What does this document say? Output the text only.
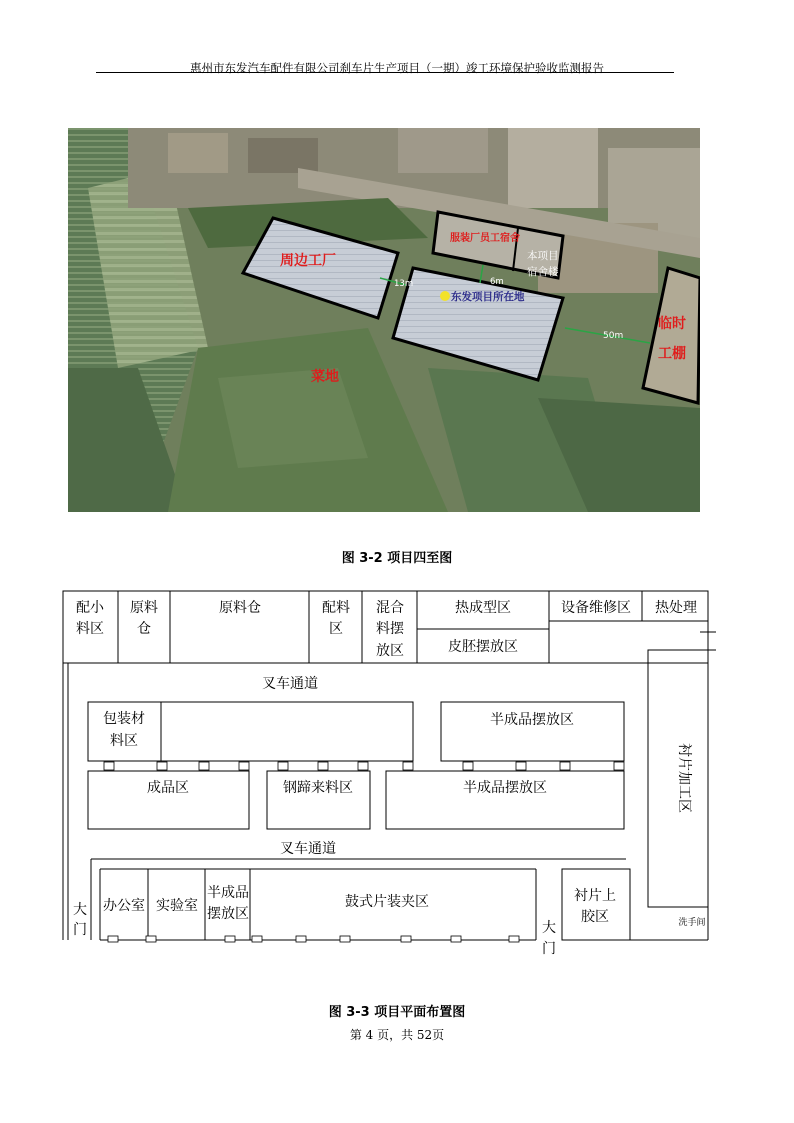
惠州市东发汽车配件有限公司刹车片生产项目（一期）竣工环境保护验收监测报告
周边工厂
服装厂员工宿舍
本项目
宿舍楼
东发项目所在地
菜地
临时
工棚
13m	6m
50m
图 3-2 项目四至图
配小
料区
原料
仓
原料仓	配料
区
混合
料摆
放区
热成型区
皮胚摆放区
设备维修区 热处理
叉车通道
包装材
料区
半成品摆放区
成品区	钢蹄来料区	半成品摆放区
叉车通道
大
门
办公室 实验室
半成品
摆放区
鼓式片装夹区
大
门
衬片上
胶区	洗手间
衬片加工区
图 3-3 项目平面布置图
第 4 页，共 52页
